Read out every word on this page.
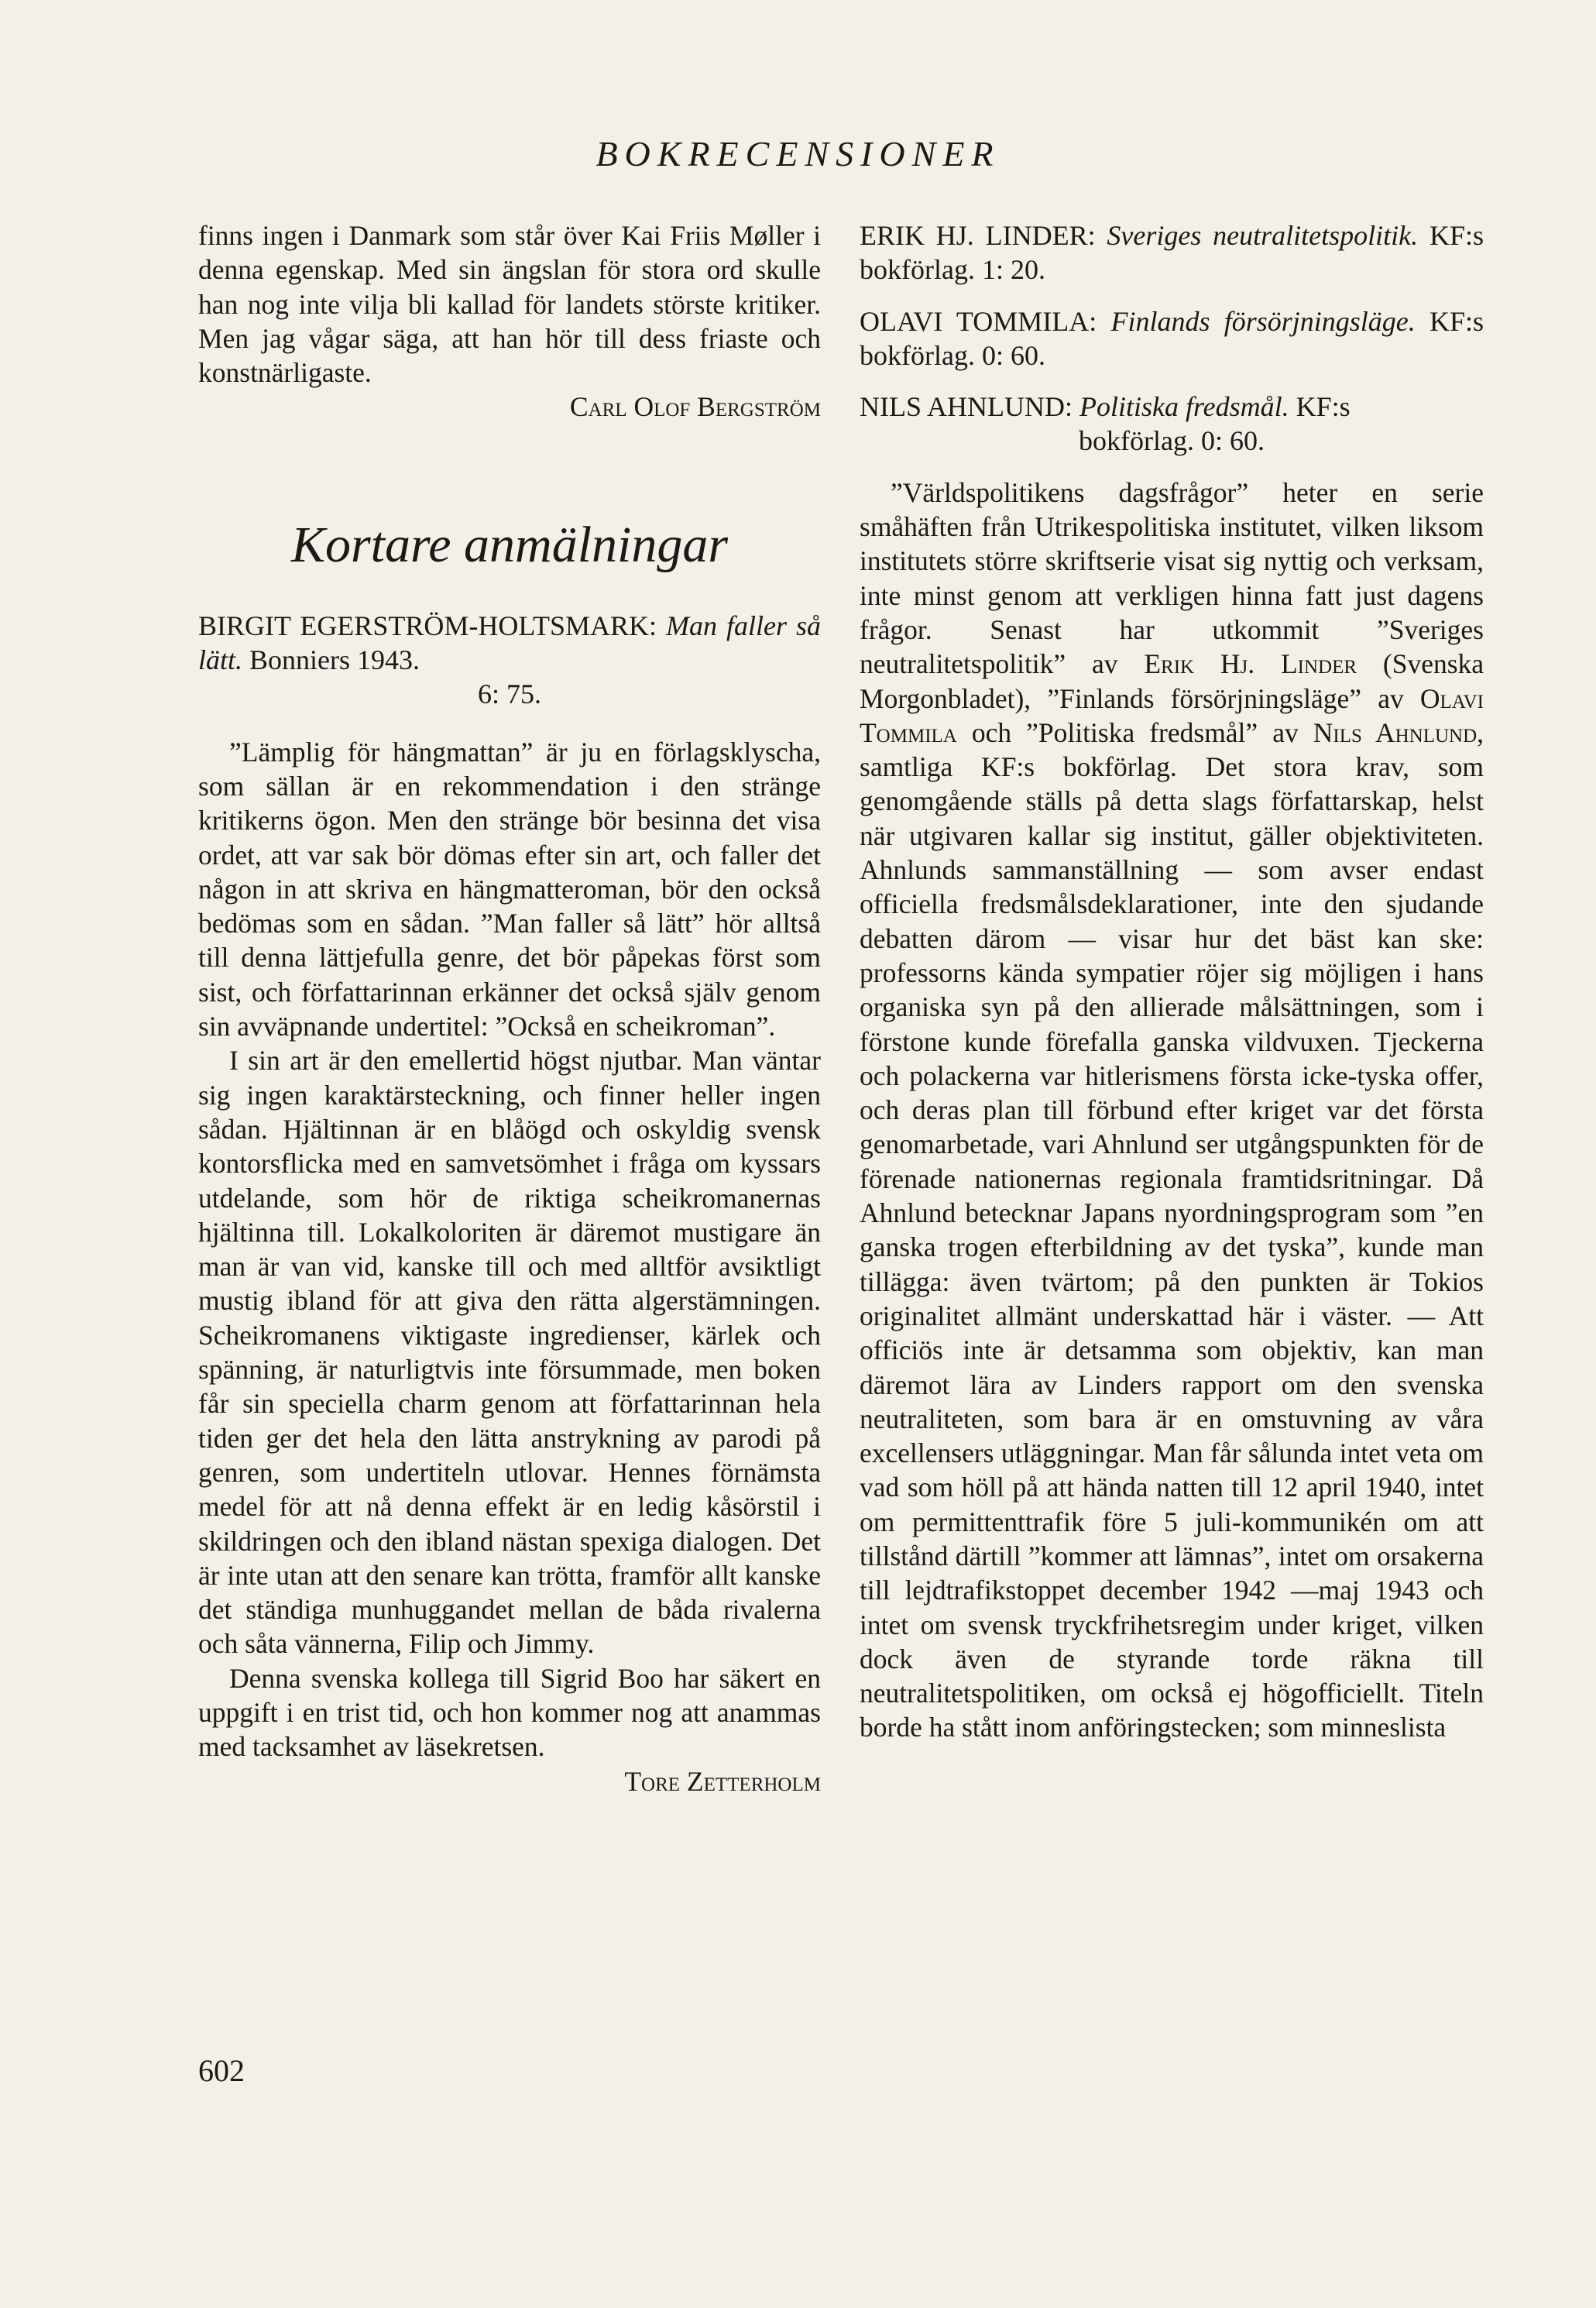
BOKRECENSIONER

finns ingen i Danmark som står över Kai Friis Møller i denna egenskap. Med sin ängslan för stora ord skulle han nog inte vilja bli kallad för landets störste kritiker. Men jag vågar säga, att han hör till dess friaste och konstnärligaste.

Carl Olof Bergström
Kortare anmälningar
BIRGIT EGERSTRÖM-HOLTSMARK: Man faller så lätt. Bonniers 1943.
6: 75.

”Lämplig för hängmattan” är ju en förlagsklyscha, som sällan är en rekommendation i den stränge kritikerns ögon. Men den stränge bör besinna det visa ordet, att var sak bör dömas efter sin art, och faller det någon in att skriva en hängmatteroman, bör den också bedömas som en sådan. ”Man faller så lätt” hör alltså till denna lättjefulla genre, det bör påpekas först som sist, och författarinnan erkänner det också själv genom sin avväpnande undertitel: ”Också en scheikroman”.

I sin art är den emellertid högst njutbar. Man väntar sig ingen karaktärsteckning, och finner heller ingen sådan. Hjältinnan är en blåögd och oskyldig svensk kontorsflicka med en samvetsömhet i fråga om kyssars utdelande, som hör de riktiga scheikromanernas hjältinna till. Lokalkoloriten är däremot mustigare än man är van vid, kanske till och med alltför avsiktligt mustig ibland för att giva den rätta algerstämningen. Scheikromanens viktigaste ingredienser, kärlek och spänning, är naturligtvis inte försummade, men boken får sin speciella charm genom att författarinnan hela tiden ger det hela den lätta anstrykning av parodi på genren, som undertiteln utlovar. Hennes förnämsta medel för att nå denna effekt är en ledig kåsörstil i skildringen och den ibland nästan spexiga dialogen. Det är inte utan att den senare kan trötta, framför allt kanske det ständiga munhuggandet mellan de båda rivalerna och såta vännerna, Filip och Jimmy.

Denna svenska kollega till Sigrid Boo har säkert en uppgift i en trist tid, och hon kommer nog att anammas med tacksamhet av läsekretsen.

Tore Zetterholm
ERIK HJ. LINDER: Sveriges neutralitetspolitik. KF:s bokförlag. 1: 20.
OLAVI TOMMILA: Finlands försörjningsläge. KF:s bokförlag. 0: 60.
NILS AHNLUND: Politiska fredsmål. KF:s
bokförlag. 0: 60.

”Världspolitikens dagsfrågor” heter en serie småhäften från Utrikespolitiska institutet, vilken liksom institutets större skriftserie visat sig nyttig och verksam, inte minst genom att verkligen hinna fatt just dagens frågor. Senast har utkommit ”Sveriges neutralitetspolitik” av Erik Hj. Linder (Svenska Morgonbladet), ”Finlands försörjningsläge” av Olavi Tommila och ”Politiska fredsmål” av Nils Ahnlund, samtliga KF:s bokförlag. Det stora krav, som genomgående ställs på detta slags författarskap, helst när utgivaren kallar sig institut, gäller objektiviteten. Ahnlunds sammanställning — som avser endast officiella fredsmålsdeklarationer, inte den sjudande debatten därom — visar hur det bäst kan ske: professorns kända sympatier röjer sig möjligen i hans organiska syn på den allierade målsättningen, som i förstone kunde förefalla ganska vildvuxen. Tjeckerna och polackerna var hitlerismens första icke-tyska offer, och deras plan till förbund efter kriget var det första genomarbetade, vari Ahnlund ser utgångspunkten för de förenade nationernas regionala framtidsritningar. Då Ahnlund betecknar Japans nyordningsprogram som ”en ganska trogen efterbildning av det tyska”, kunde man tillägga: även tvärtom; på den punkten är Tokios originalitet allmänt underskattad här i väster. — Att officiös inte är detsamma som objektiv, kan man däremot lära av Linders rapport om den svenska neutraliteten, som bara är en omstuvning av våra excellensers utläggningar. Man får sålunda intet veta om vad som höll på att hända natten till 12 april 1940, intet om permittenttrafik före 5 juli-kommunikén om att tillstånd därtill ”kommer att lämnas”, intet om orsakerna till lejdtrafikstoppet december 1942 —maj 1943 och intet om svensk tryckfrihetsregim under kriget, vilken dock även de styrande torde räkna till neutralitetspolitiken, om också ej högofficiellt. Titeln borde ha stått inom anföringstecken; som minneslista

602
